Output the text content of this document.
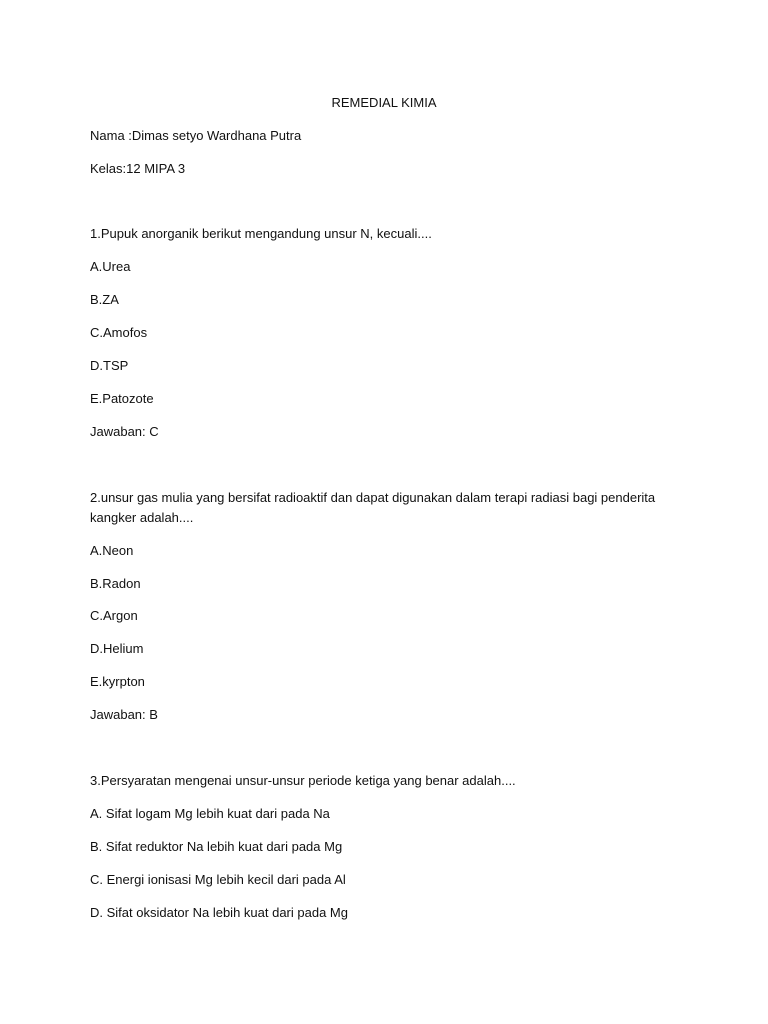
REMEDIAL KIMIA
Nama :Dimas setyo Wardhana Putra
Kelas:12 MIPA 3
1.Pupuk anorganik berikut mengandung unsur N, kecuali....
A.Urea
B.ZA
C.Amofos
D.TSP
E.Patozote
Jawaban: C
2.unsur gas mulia yang bersifat radioaktif dan dapat digunakan dalam terapi radiasi bagi penderita
kangker adalah....
A.Neon
B.Radon
C.Argon
D.Helium
E.kyrpton
Jawaban: B
3.Persyaratan mengenai unsur-unsur periode ketiga yang benar adalah....
A. Sifat logam Mg lebih kuat dari pada Na
B. Sifat reduktor Na lebih kuat dari pada Mg
C. Energi ionisasi Mg lebih kecil dari pada Al
D. Sifat oksidator Na lebih kuat dari pada Mg
